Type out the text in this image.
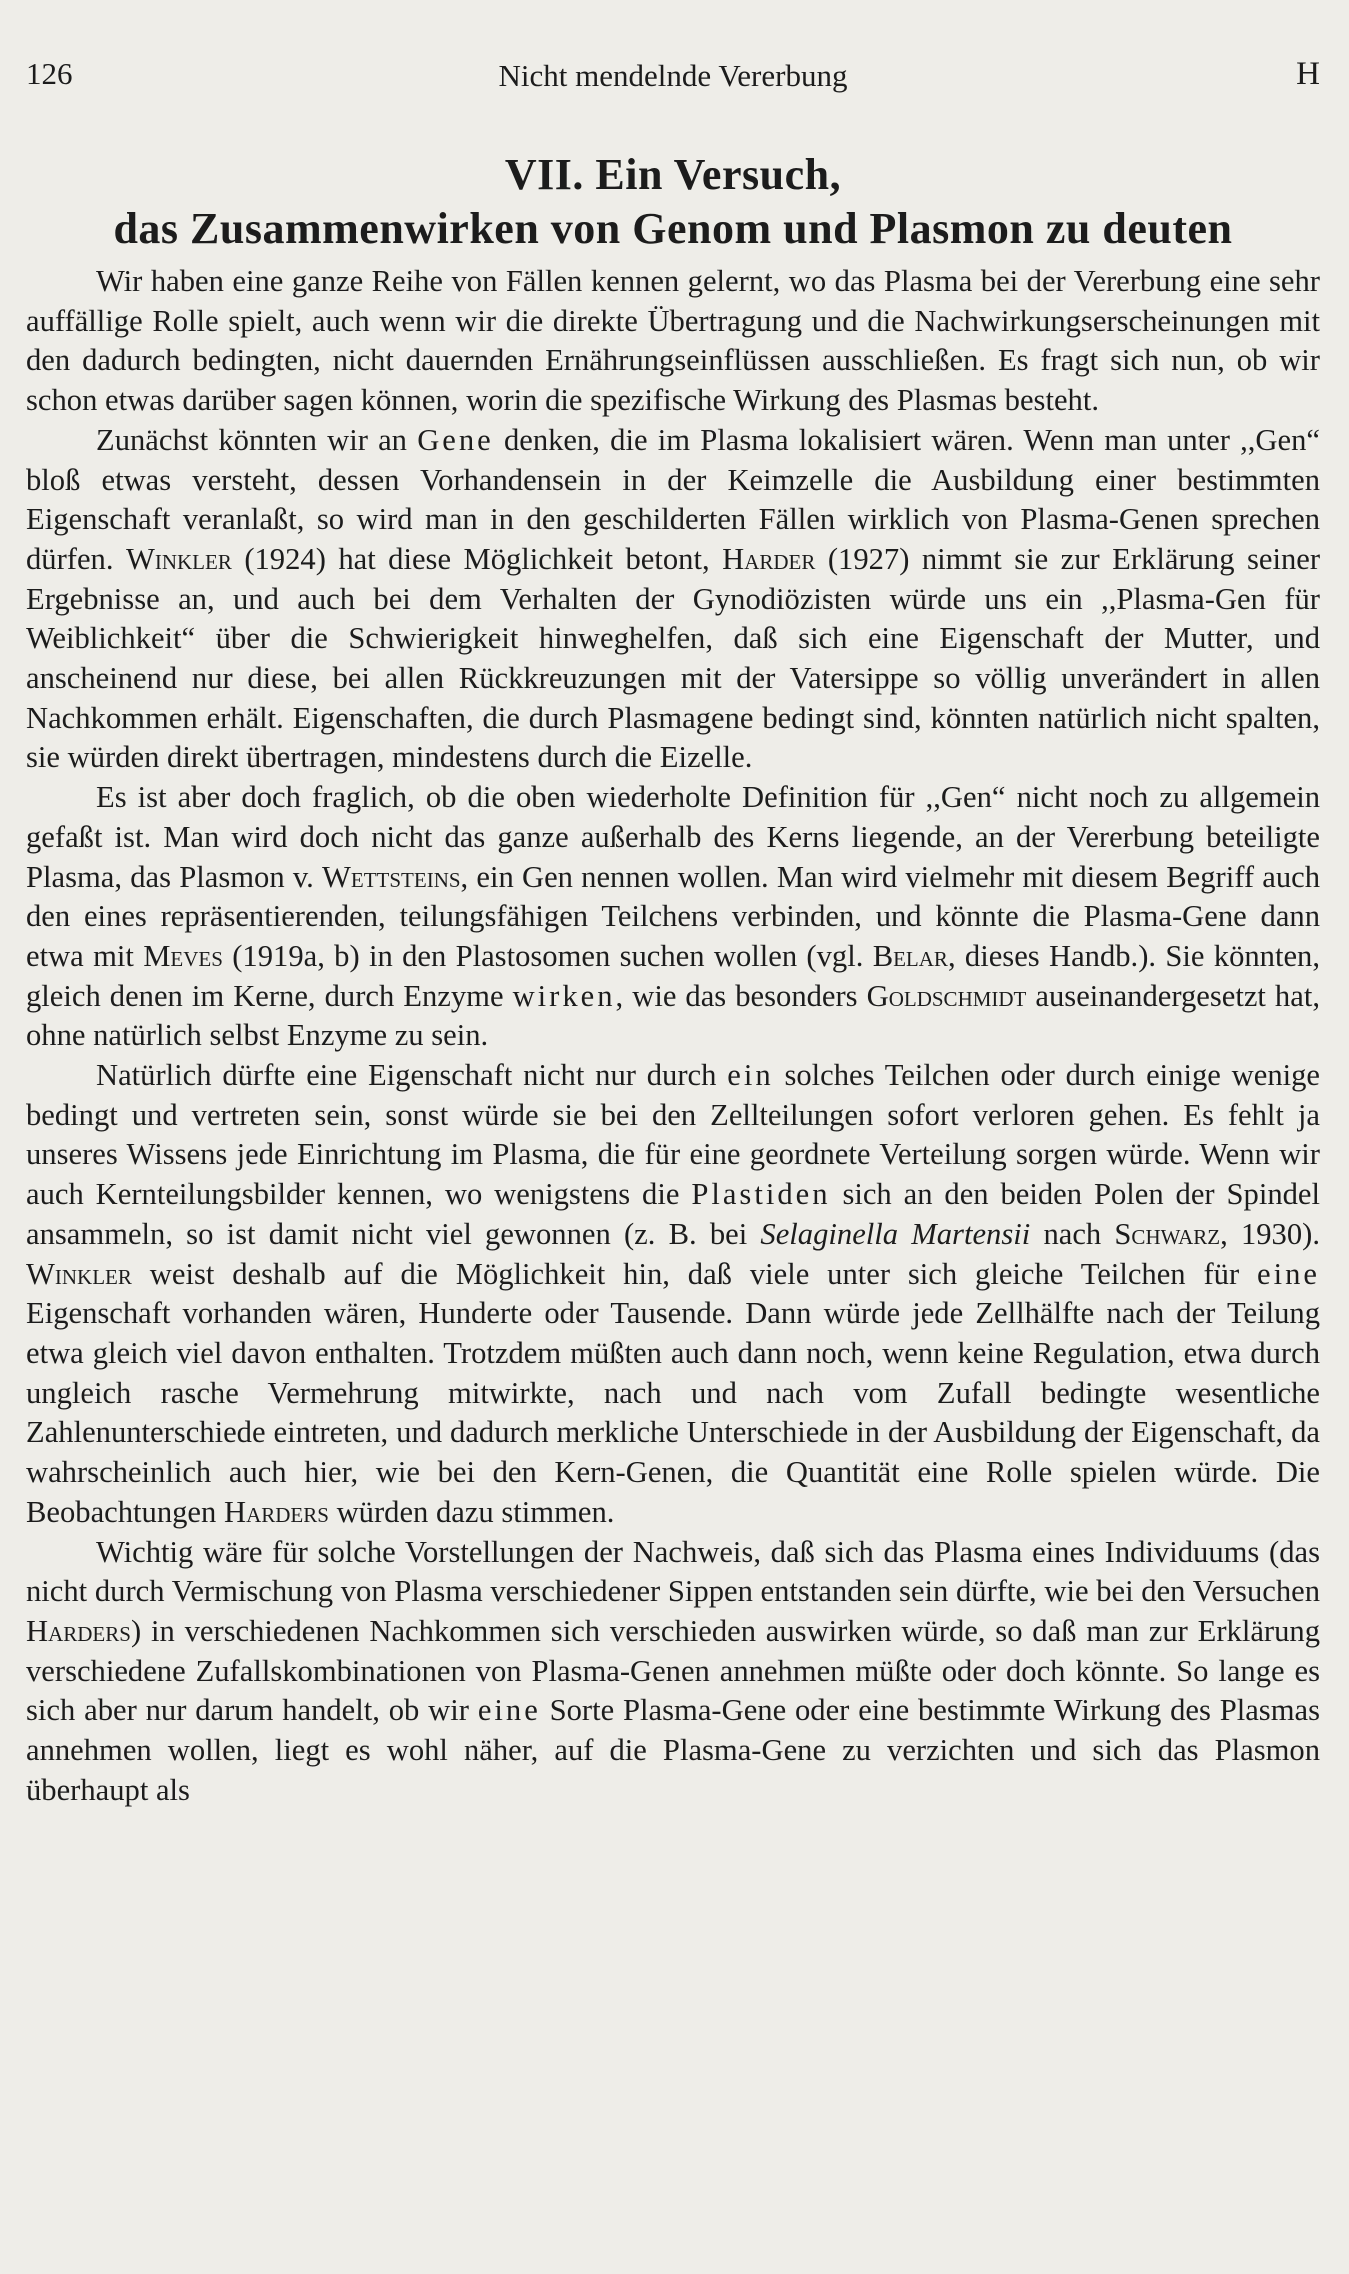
126	Nicht mendelnde Vererbung	H
VII. Ein Versuch,
das Zusammenwirken von Genom und Plasmon zu deuten

Wir haben eine ganze Reihe von Fällen kennen gelernt, wo das Plasma bei der Vererbung eine sehr auffällige Rolle spielt, auch wenn wir die direkte Übertragung und die Nachwirkungserscheinungen mit den dadurch bedingten, nicht dauernden Ernährungseinflüssen ausschließen. Es fragt sich nun, ob wir schon etwas darüber sagen können, worin die spezifische Wirkung des Plasmas besteht.

Zunächst könnten wir an Gene denken, die im Plasma lokalisiert wären. Wenn man unter ,,Gen“ bloß etwas versteht, dessen Vorhandensein in der Keimzelle die Ausbildung einer bestimmten Eigenschaft veranlaßt, so wird man in den geschilderten Fällen wirklich von Plasma-Genen sprechen dürfen. Winkler (1924) hat diese Möglichkeit betont, Harder (1927) nimmt sie zur Erklärung seiner Ergebnisse an, und auch bei dem Verhalten der Gynodiözisten würde uns ein ,,Plasma-Gen für Weiblichkeit“ über die Schwierigkeit hinweghelfen, daß sich eine Eigenschaft der Mutter, und anscheinend nur diese, bei allen Rückkreuzungen mit der Vatersippe so völlig unverändert in allen Nachkommen erhält. Eigenschaften, die durch Plasmagene bedingt sind, könnten natürlich nicht spalten, sie würden direkt übertragen, mindestens durch die Eizelle.

Es ist aber doch fraglich, ob die oben wiederholte Definition für ,,Gen“ nicht noch zu allgemein gefaßt ist. Man wird doch nicht das ganze außerhalb des Kerns liegende, an der Vererbung beteiligte Plasma, das Plasmon v. Wettsteins, ein Gen nennen wollen. Man wird vielmehr mit diesem Begriff auch den eines repräsentierenden, teilungsfähigen Teilchens verbinden, und könnte die Plasma-Gene dann etwa mit Meves (1919a, b) in den Plastosomen suchen wollen (vgl. Belar, dieses Handb.). Sie könnten, gleich denen im Kerne, durch Enzyme wirken, wie das besonders Goldschmidt auseinandergesetzt hat, ohne natürlich selbst Enzyme zu sein.

Natürlich dürfte eine Eigenschaft nicht nur durch ein solches Teilchen oder durch einige wenige bedingt und vertreten sein, sonst würde sie bei den Zellteilungen sofort verloren gehen. Es fehlt ja unseres Wissens jede Einrichtung im Plasma, die für eine geordnete Verteilung sorgen würde. Wenn wir auch Kernteilungsbilder kennen, wo wenigstens die Plastiden sich an den beiden Polen der Spindel ansammeln, so ist damit nicht viel gewonnen (z. B. bei Selaginella Martensii nach Schwarz, 1930). Winkler weist deshalb auf die Möglichkeit hin, daß viele unter sich gleiche Teilchen für eine Eigenschaft vorhanden wären, Hunderte oder Tausende. Dann würde jede Zellhälfte nach der Teilung etwa gleich viel davon enthalten. Trotzdem müßten auch dann noch, wenn keine Regulation, etwa durch ungleich rasche Vermehrung mitwirkte, nach und nach vom Zufall bedingte wesentliche Zahlenunterschiede eintreten, und dadurch merkliche Unterschiede in der Ausbildung der Eigenschaft, da wahrscheinlich auch hier, wie bei den Kern-Genen, die Quantität eine Rolle spielen würde. Die Beobachtungen Harders würden dazu stimmen.

Wichtig wäre für solche Vorstellungen der Nachweis, daß sich das Plasma eines Individuums (das nicht durch Vermischung von Plasma verschiedener Sippen entstanden sein dürfte, wie bei den Versuchen Harders) in verschiedenen Nachkommen sich verschieden auswirken würde, so daß man zur Erklärung verschiedene Zufallskombinationen von Plasma-Genen annehmen müßte oder doch könnte. So lange es sich aber nur darum handelt, ob wir eine Sorte Plasma-Gene oder eine bestimmte Wirkung des Plasmas annehmen wollen, liegt es wohl näher, auf die Plasma-Gene zu verzichten und sich das Plasmon überhaupt als
